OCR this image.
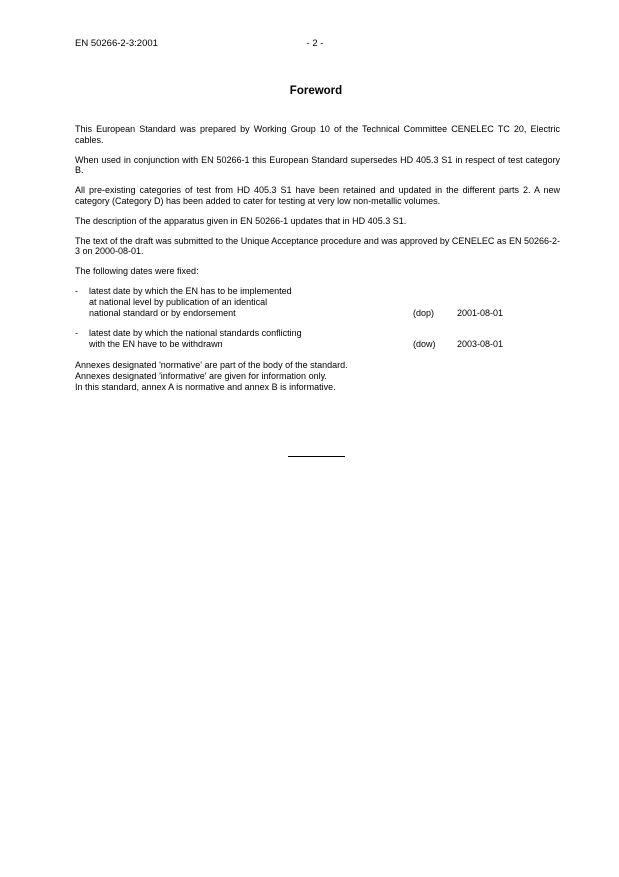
EN 50266-2-3:2001	- 2 -
Foreword

This European Standard was prepared by Working Group 10 of the Technical Committee CENELEC TC 20, Electric cables.

When used in conjunction with EN 50266-1 this European Standard supersedes HD 405.3 S1 in respect of test category B.

All pre-existing categories of test from HD 405.3 S1 have been retained and updated in the different parts 2. A new category (Category D) has been added to cater for testing at very low non-metallic volumes.

The description of the apparatus given in EN 50266-1 updates that in HD 405.3 S1.

The text of the draft was submitted to the Unique Acceptance procedure and was approved by CENELEC as EN 50266-2-3 on 2000-08-01.

The following dates were fixed:

- latest date by which the EN has to be implemented
at national level by publication of an identical
national standard or by endorsement	(dop)	2001-08-01
- latest date by which the national standards conflicting
with the EN have to be withdrawn	(dow) 2003-08-01

Annexes designated 'normative' are part of the body of the standard.

Annexes designated 'informative' are given for information only.

In this standard, annex A is normative and annex B is informative.
